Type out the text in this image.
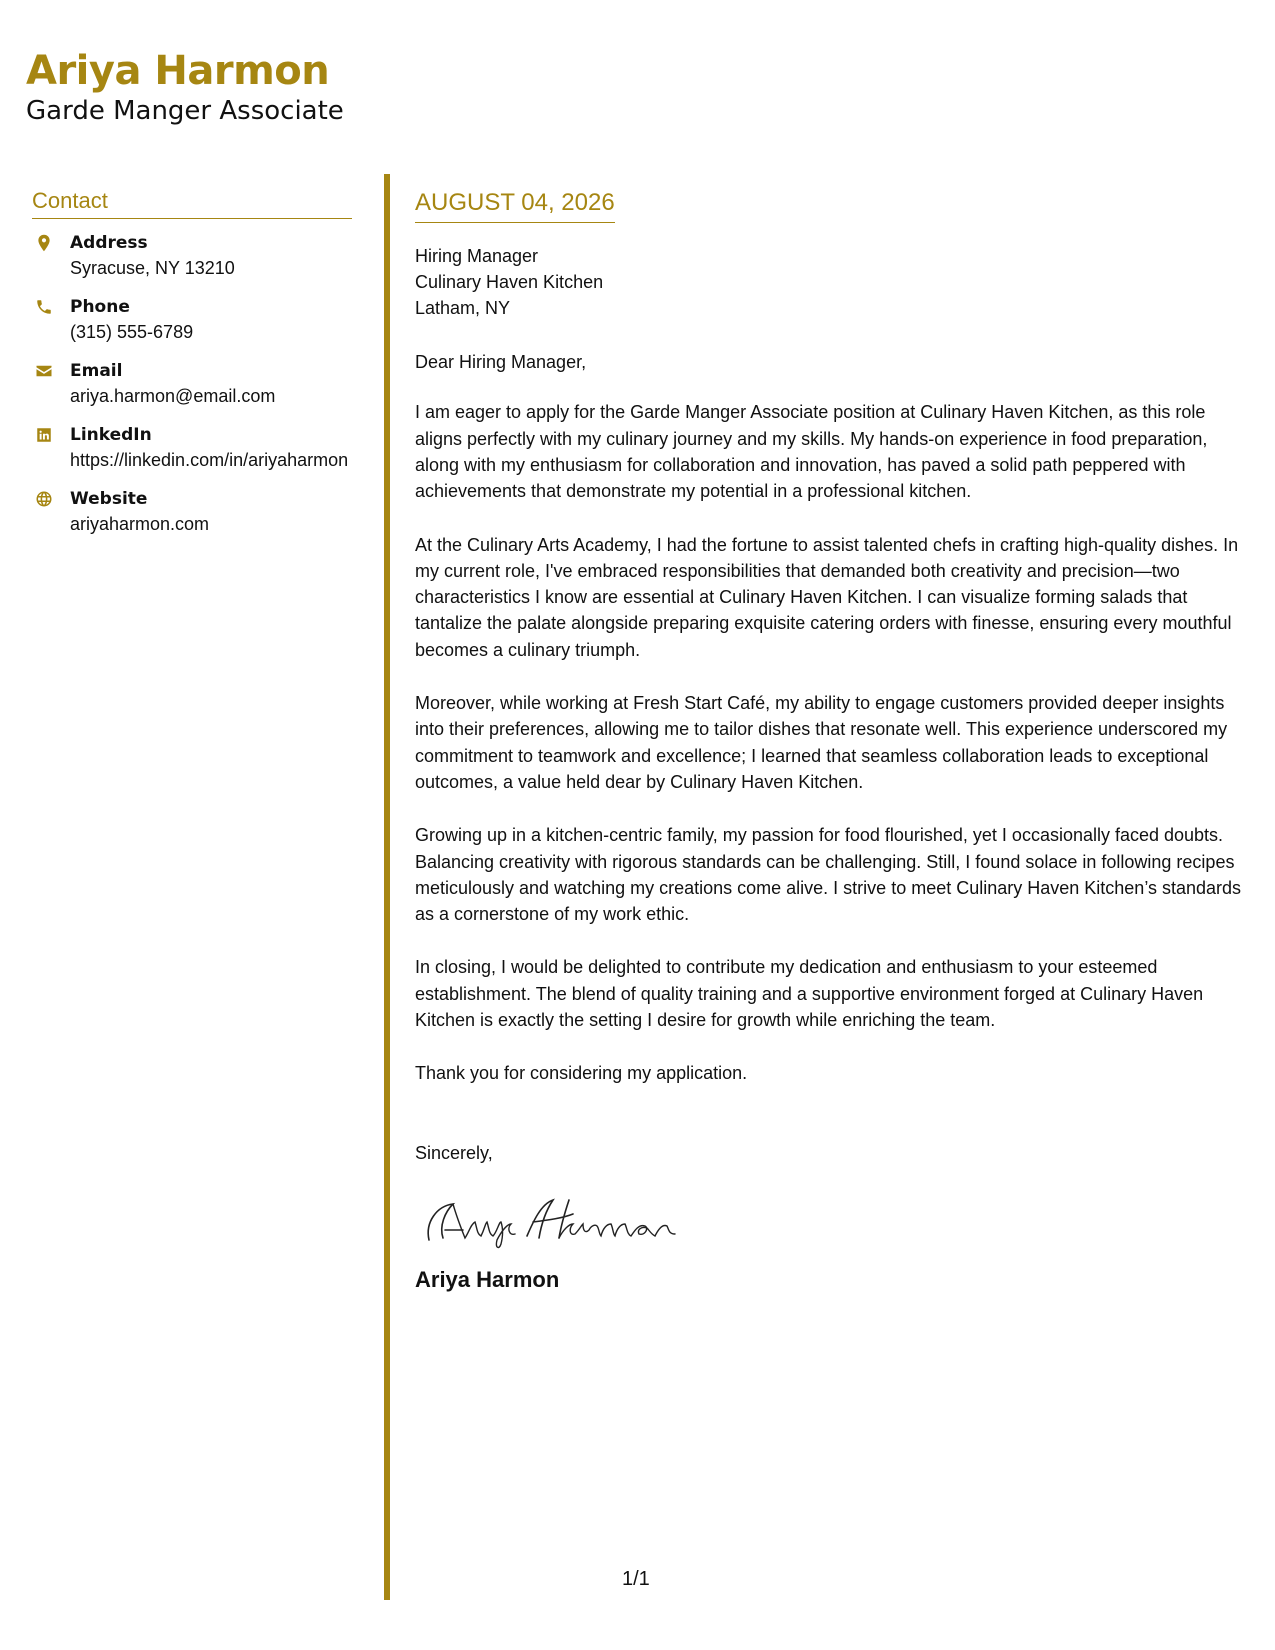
Ariya Harmon
Garde Manger Associate
Contact
Address
Syracuse, NY 13210
Phone
(315) 555-6789
Email
ariya.harmon@email.com
LinkedIn
https://linkedin.com/in/ariyaharmon
Website
ariyaharmon.com
AUGUST 04, 2026
Hiring Manager
Culinary Haven Kitchen
Latham, NY
Dear Hiring Manager,
I am eager to apply for the Garde Manger Associate position at Culinary Haven Kitchen, as this role aligns perfectly with my culinary journey and my skills. My hands-on experience in food preparation, along with my enthusiasm for collaboration and innovation, has paved a solid path peppered with achievements that demonstrate my potential in a professional kitchen.
At the Culinary Arts Academy, I had the fortune to assist talented chefs in crafting high-quality dishes. In my current role, I've embraced responsibilities that demanded both creativity and precision—two characteristics I know are essential at Culinary Haven Kitchen. I can visualize forming salads that tantalize the palate alongside preparing exquisite catering orders with finesse, ensuring every mouthful becomes a culinary triumph.
Moreover, while working at Fresh Start Café, my ability to engage customers provided deeper insights into their preferences, allowing me to tailor dishes that resonate well. This experience underscored my commitment to teamwork and excellence; I learned that seamless collaboration leads to exceptional outcomes, a value held dear by Culinary Haven Kitchen.
Growing up in a kitchen-centric family, my passion for food flourished, yet I occasionally faced doubts. Balancing creativity with rigorous standards can be challenging. Still, I found solace in following recipes meticulously and watching my creations come alive. I strive to meet Culinary Haven Kitchen’s standards as a cornerstone of my work ethic.
In closing, I would be delighted to contribute my dedication and enthusiasm to your esteemed establishment. The blend of quality training and a supportive environment forged at Culinary Haven Kitchen is exactly the setting I desire for growth while enriching the team.
Thank you for considering my application.
Sincerely,
Ariya Harmon
1/1
